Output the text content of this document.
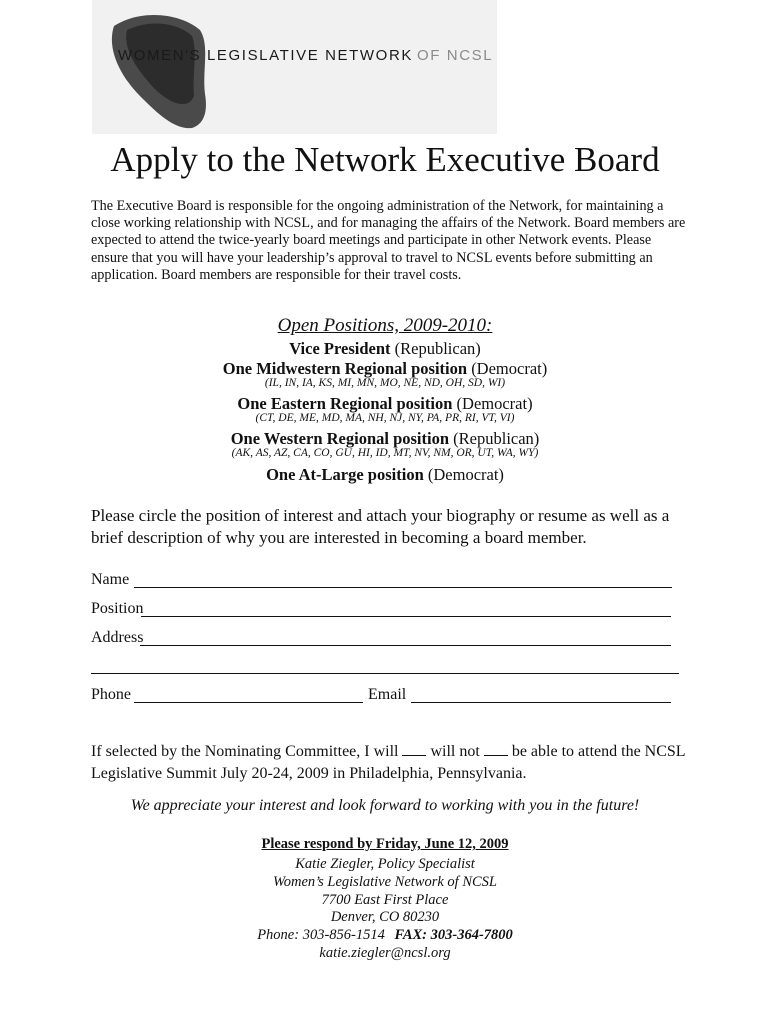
WOMEN'S LEGISLATIVE NETWORK OF NCSL
Apply to the Network Executive Board
The Executive Board is responsible for the ongoing administration of the Network, for maintaining a close working relationship with NCSL, and for managing the affairs of the Network. Board members are expected to attend the twice-yearly board meetings and participate in other Network events. Please ensure that you will have your leadership’s approval to travel to NCSL events before submitting an application. Board members are responsible for their travel costs.
Open Positions, 2009-2010:
Vice President (Republican)
One Midwestern Regional position (Democrat)
(IL, IN, IA, KS, MI, MN, MO, NE, ND, OH, SD, WI)
One Eastern Regional position (Democrat)
(CT, DE, ME, MD, MA, NH, NJ, NY, PA, PR, RI, VT, VI)
One Western Regional position (Republican)
(AK, AS, AZ, CA, CO, GU, HI, ID, MT, NV, NM, OR, UT, WA, WY)
One At-Large position (Democrat)
Please circle the position of interest and attach your biography or resume as well as a brief description of why you are interested in becoming a board member.
Name
Position
Address
Phone	Email
If selected by the Nominating Committee, I will will not be able to attend the NCSL Legislative Summit July 20-24, 2009 in Philadelphia, Pennsylvania.
We appreciate your interest and look forward to working with you in the future!
Please respond by Friday, June 12, 2009
Katie Ziegler, Policy Specialist
Women’s Legislative Network of NCSL
7700 East First Place
Denver, CO 80230
Phone: 303-856-1514 FAX: 303-364-7800
katie.ziegler@ncsl.org
